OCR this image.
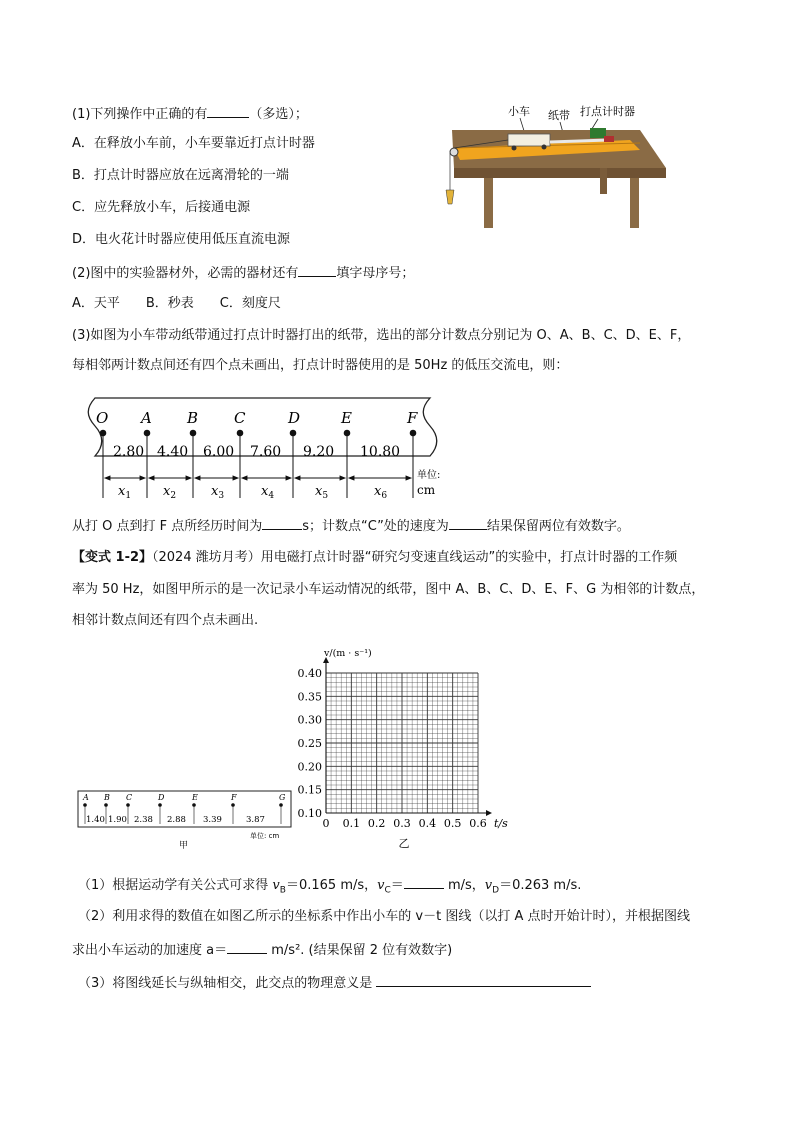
(1)下列操作中正确的有	（多选）；
A．在释放小车前，小车要靠近打点计时器
B．打点计时器应放在远离滑轮的一端
C．应先释放小车，后接通电源
D．电火花计时器应使用低压直流电源
小车 纸带 打点计时器
(2)图中的实验器材外，必需的器材还有	填字母序号；
A．天平　　B．秒表　　C．刻度尺
(3)如图为小车带动纸带通过打点计时器打出的纸带，选出的部分计数点分别记为 O、A、B、C、D、E、F，
每相邻两计数点间还有四个点未画出，打点计时器使用的是 50Hz 的低压交流电，则：
O A B C	D	E	F
2.80 4.40 6.00 7.60 9.20 10.80
$x_1$ $x_2$	$x_3$	$x_4$	$x_5$	$x_6$
单位:
cm
从打 O 点到打 F 点所经历时间为	s；计数点“C”处的速度为	结果保留两位有效数字。
【变式 1-2】（2024 潍坊月考）用电磁打点计时器“研究匀变速直线运动”的实验中，打点计时器的工作频
率为 50 Hz，如图甲所示的是一次记录小车运动情况的纸带，图中 A、B、C、D、E、F、G 为相邻的计数点，
相邻计数点间还有四个点未画出.
A B C	D	E	F	G
1.40 1.90 2.38 2.88 3.39	3.87
单位: cm
甲
0 0.1 0.2 0.3 0.4 0.5 0.6
0.10
0.15
0.20
0.25
0.30
0.35
0.40
t/s
v/(m · s⁻¹)
乙
（1）根据运动学有关公式可求得 $v_B=0.165$ m/s，$v_C=$	m/s，$v_D=0.263$ m/s.
（2）利用求得的数值在如图乙所示的坐标系中作出小车的 v－t 图线（以打 A 点时开始计时），并根据图线
求出小车运动的加速度 a＝	m/s². (结果保留 2 位有效数字)
（3）将图线延长与纵轴相交，此交点的物理意义是
